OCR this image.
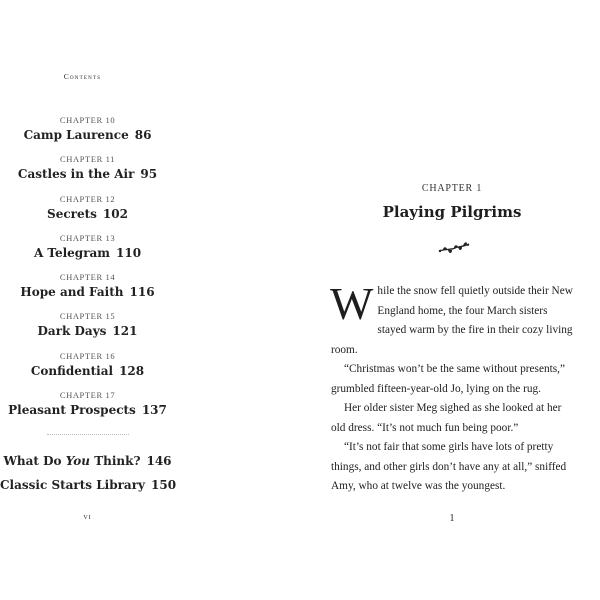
Contents
CHAPTER 10
Camp Laurence 86
CHAPTER 11
Castles in the Air 95
CHAPTER 12
Secrets 102
CHAPTER 13
A Telegram 110
CHAPTER 14
Hope and Faith 116
CHAPTER 15
Dark Days 121
CHAPTER 16
Confidential 128
CHAPTER 17
Pleasant Prospects 137
What Do You Think? 146
Classic Starts Library 150
vi
CHAPTER 1
Playing Pilgrims

While the snow fell quietly outside their New England home, the four March sisters stayed warm by the fire in their cozy living room.

“Christmas won’t be the same without presents,” grumbled fifteen-year-old Jo, lying on the rug.

Her older sister Meg sighed as she looked at her old dress. “It’s not much fun being poor.”

“It’s not fair that some girls have lots of pretty things, and other girls don’t have any at all,” sniffed Amy, who at twelve was the youngest.

1
